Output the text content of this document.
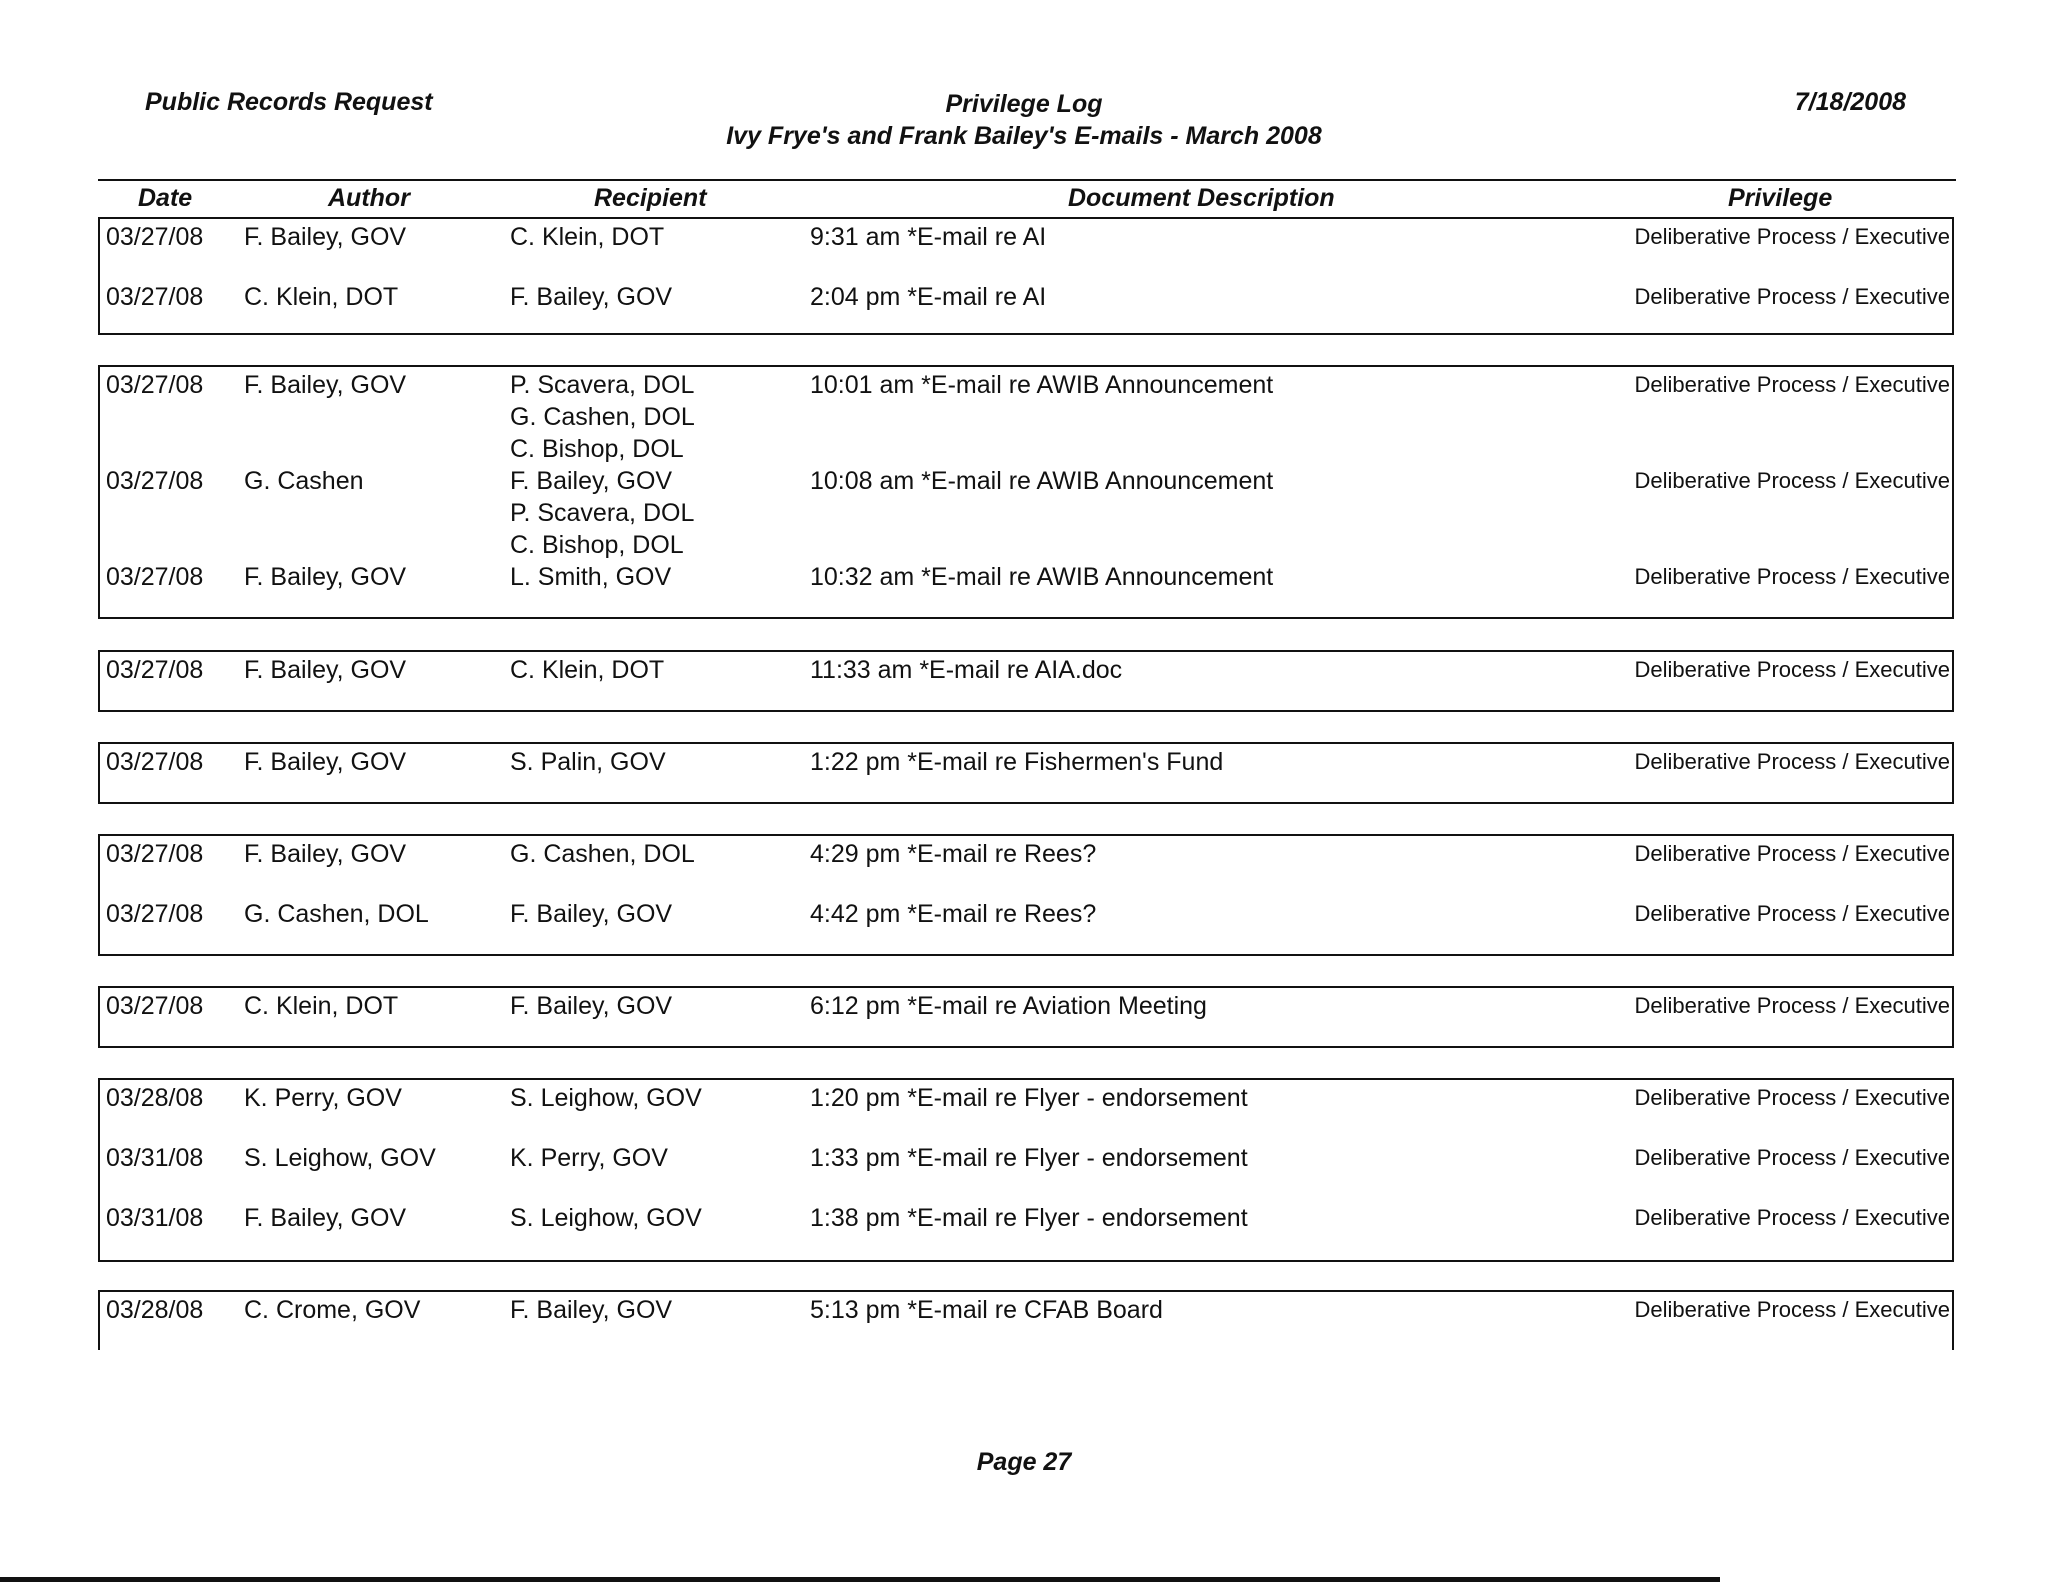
Public Records Request	Privilege Log
Ivy Frye's and Frank Bailey's E-mails - March 2008
7/18/2008
Date	Author	Recipient	Document Description	Privilege
03/27/08 F. Bailey, GOV	C. Klein, DOT	9:31 am *E-mail re AI	Deliberative Process / Executive
03/27/08 C. Klein, DOT	F. Bailey, GOV	2:04 pm *E-mail re AI	Deliberative Process / Executive
03/27/08 F. Bailey, GOV	P. Scavera, DOL
G. Cashen, DOL
C. Bishop, DOL
10:01 am *E-mail re AWIB Announcement	Deliberative Process / Executive
03/27/08 G. Cashen	F. Bailey, GOV
P. Scavera, DOL
C. Bishop, DOL
10:08 am *E-mail re AWIB Announcement	Deliberative Process / Executive
03/27/08 F. Bailey, GOV	L. Smith, GOV	10:32 am *E-mail re AWIB Announcement	Deliberative Process / Executive
03/27/08 F. Bailey, GOV	C. Klein, DOT	11:33 am *E-mail re AIA.doc	Deliberative Process / Executive
03/27/08 F. Bailey, GOV	S. Palin, GOV	1:22 pm *E-mail re Fishermen's Fund	Deliberative Process / Executive
03/27/08 F. Bailey, GOV	G. Cashen, DOL	4:29 pm *E-mail re Rees?	Deliberative Process / Executive
03/27/08 G. Cashen, DOL	F. Bailey, GOV	4:42 pm *E-mail re Rees?	Deliberative Process / Executive
03/27/08 C. Klein, DOT	F. Bailey, GOV	6:12 pm *E-mail re Aviation Meeting	Deliberative Process / Executive
03/28/08 K. Perry, GOV	S. Leighow, GOV	1:20 pm *E-mail re Flyer - endorsement	Deliberative Process / Executive
03/31/08 S. Leighow, GOV	K. Perry, GOV	1:33 pm *E-mail re Flyer - endorsement	Deliberative Process / Executive
03/31/08 F. Bailey, GOV	S. Leighow, GOV	1:38 pm *E-mail re Flyer - endorsement	Deliberative Process / Executive
03/28/08 C. Crome, GOV	F. Bailey, GOV	5:13 pm *E-mail re CFAB Board	Deliberative Process / Executive
Page 27
